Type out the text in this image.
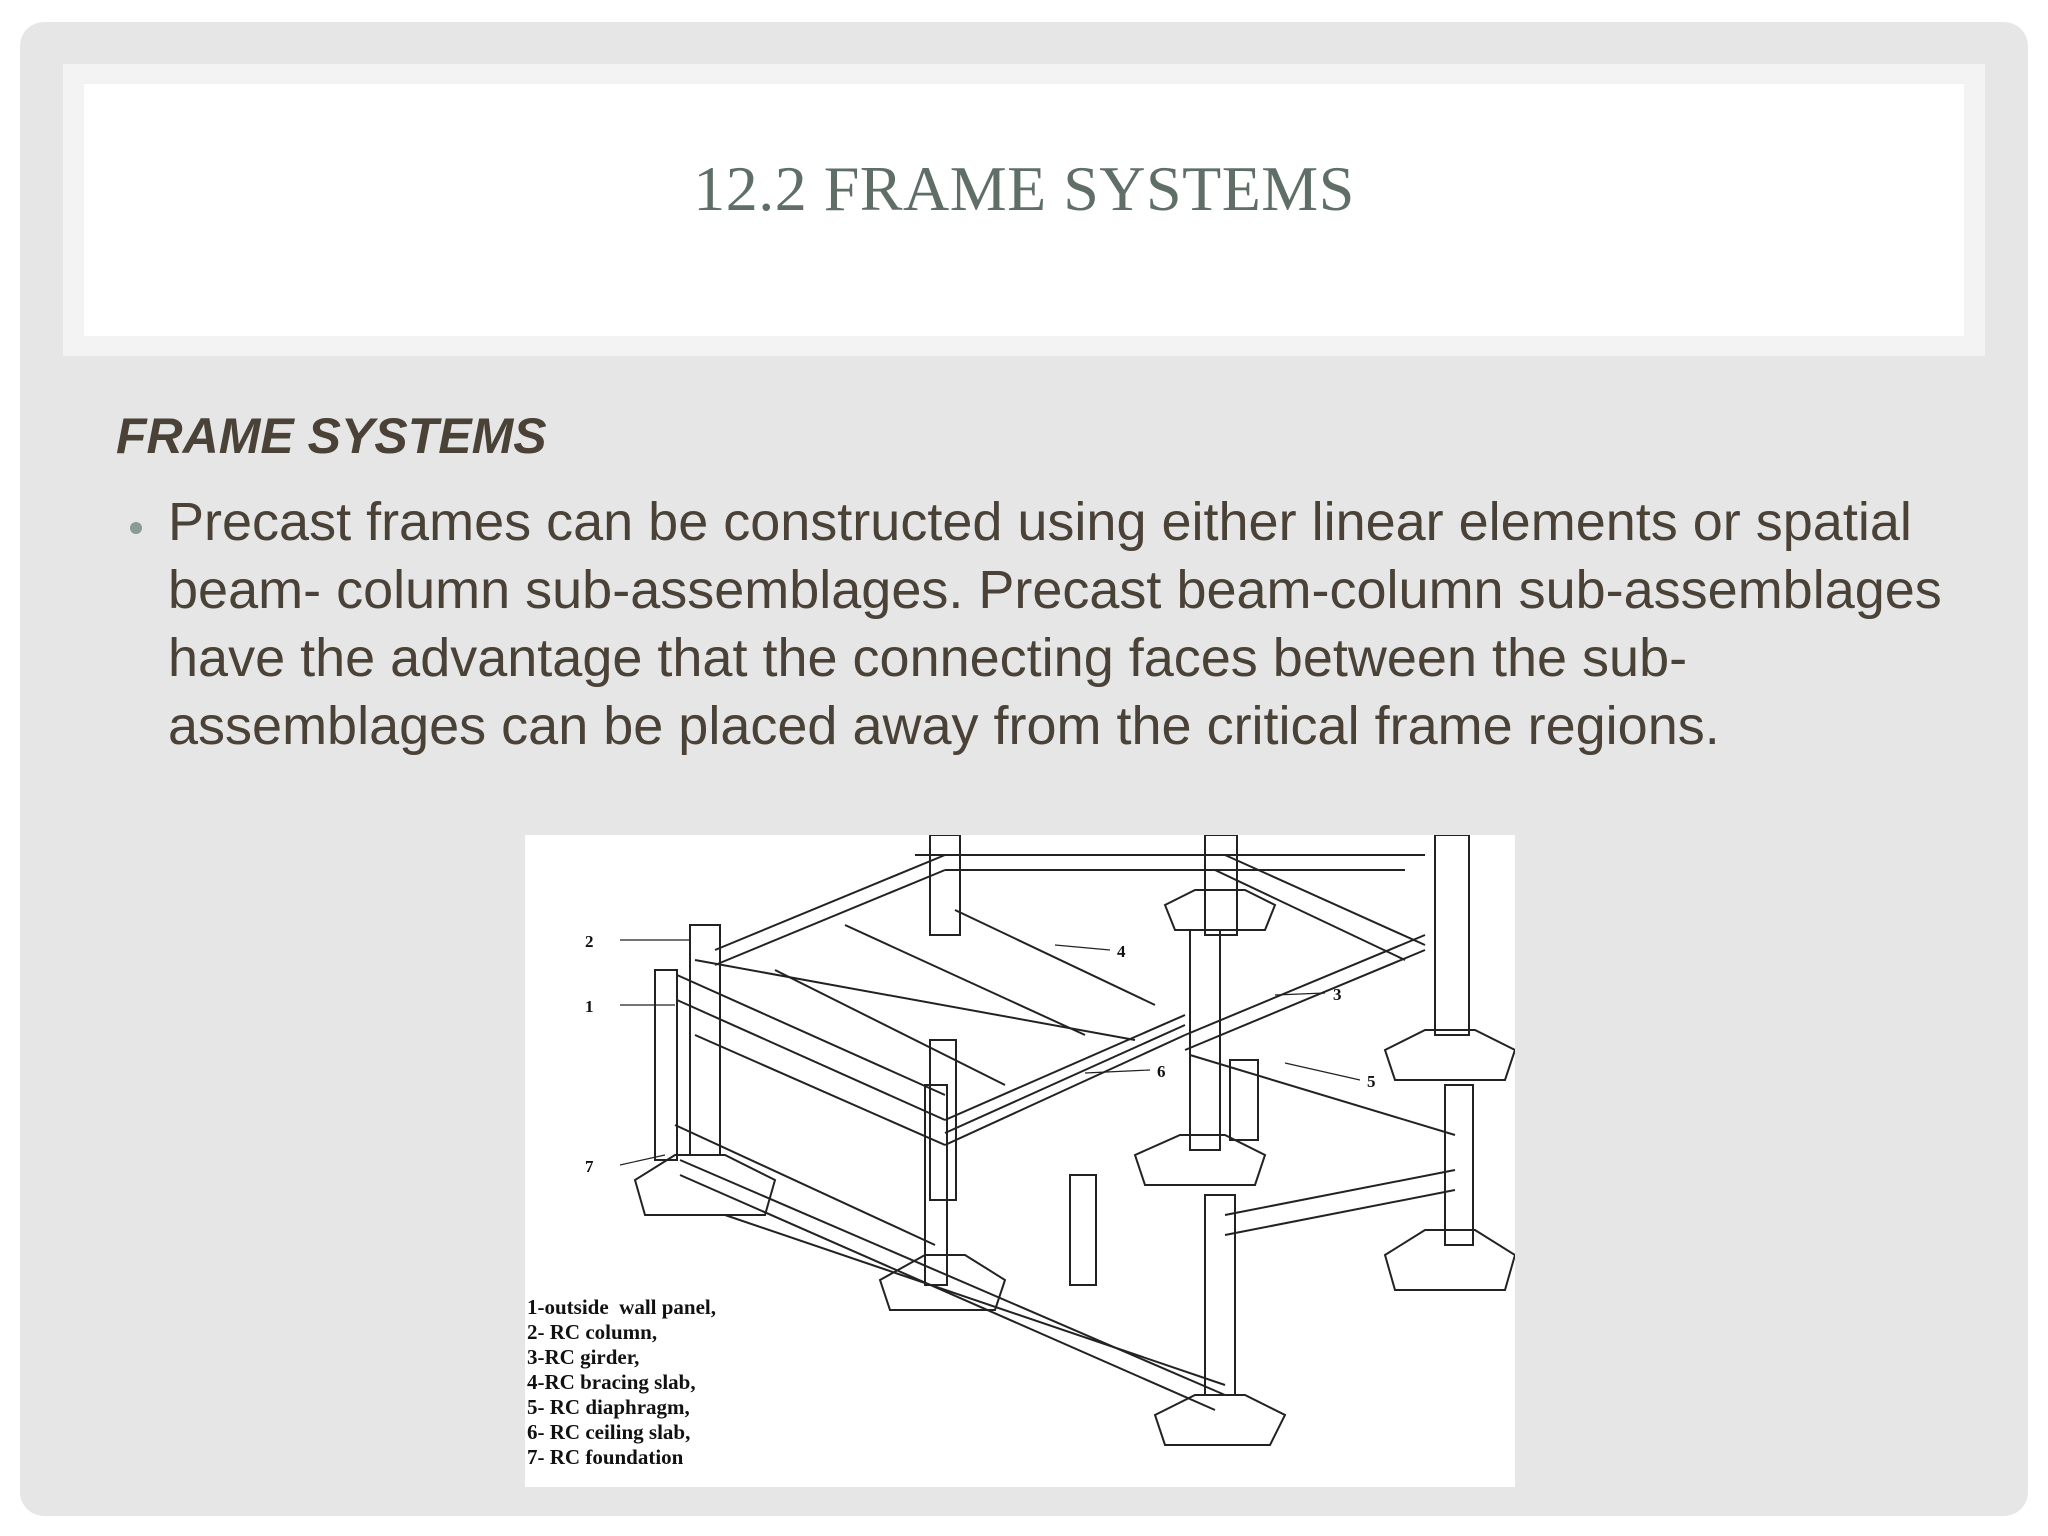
12.2 FRAME SYSTEMS
FRAME SYSTEMS
Precast frames can be constructed using either linear elements or spatial beam- column sub-assemblages. Precast beam-column sub-assemblages have the advantage that the connecting faces between the sub-assemblages can be placed away from the critical frame regions.
2
1
3
4
5
6
7
1-outside  wall panel,
2- RC column,
3-RC girder,
4-RC bracing slab,
5- RC diaphragm,
6- RC ceiling slab,
7- RC foundation
